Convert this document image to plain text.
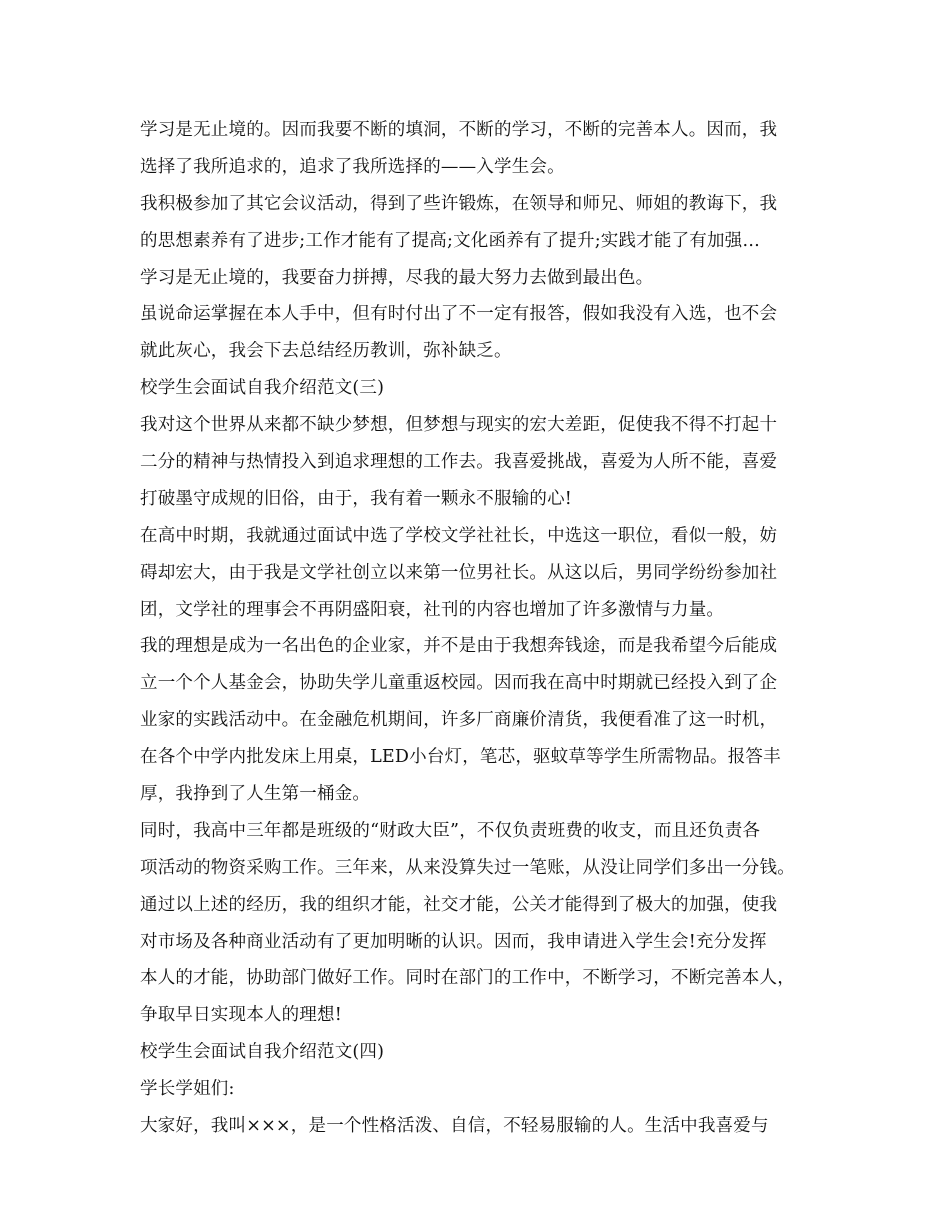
学习是无止境的。因而我要不断的填洞，不断的学习，不断的完善本人。因而，我
选择了我所追求的，追求了我所选择的——入学生会。
我积极参加了其它会议活动，得到了些许锻炼，在领导和师兄、师姐的教诲下，我
的思想素养有了进步;工作才能有了提高;文化函养有了提升;实践才能了有加强…
学习是无止境的，我要奋力拼搏，尽我的最大努力去做到最出色。
虽说命运掌握在本人手中，但有时付出了不一定有报答，假如我没有入选，也不会
就此灰心，我会下去总结经历教训，弥补缺乏。
校学生会面试自我介绍范文(三)
我对这个世界从来都不缺少梦想，但梦想与现实的宏大差距，促使我不得不打起十
二分的精神与热情投入到追求理想的工作去。我喜爱挑战，喜爱为人所不能，喜爱
打破墨守成规的旧俗，由于，我有着一颗永不服输的心!
在高中时期，我就通过面试中选了学校文学社社长，中选这一职位，看似一般，妨
碍却宏大，由于我是文学社创立以来第一位男社长。从这以后，男同学纷纷参加社
团，文学社的理事会不再阴盛阳衰，社刊的内容也增加了许多激情与力量。
我的理想是成为一名出色的企业家，并不是由于我想奔钱途，而是我希望今后能成
立一个个人基金会，协助失学儿童重返校园。因而我在高中时期就已经投入到了企
业家的实践活动中。在金融危机期间，许多厂商廉价清货，我便看准了这一时机，
在各个中学内批发床上用桌，LED小台灯，笔芯，驱蚊草等学生所需物品。报答丰
厚，我挣到了人生第一桶金。
同时，我高中三年都是班级的“财政大臣”，不仅负责班费的收支，而且还负责各
项活动的物资采购工作。三年来，从来没算失过一笔账，从没让同学们多出一分钱。
通过以上述的经历，我的组织才能，社交才能，公关才能得到了极大的加强，使我
对市场及各种商业活动有了更加明晰的认识。因而，我申请进入学生会!充分发挥
本人的才能，协助部门做好工作。同时在部门的工作中，不断学习，不断完善本人，
争取早日实现本人的理想!
校学生会面试自我介绍范文(四)
学长学姐们:
大家好，我叫×××，是一个性格活泼、自信，不轻易服输的人。生活中我喜爱与
